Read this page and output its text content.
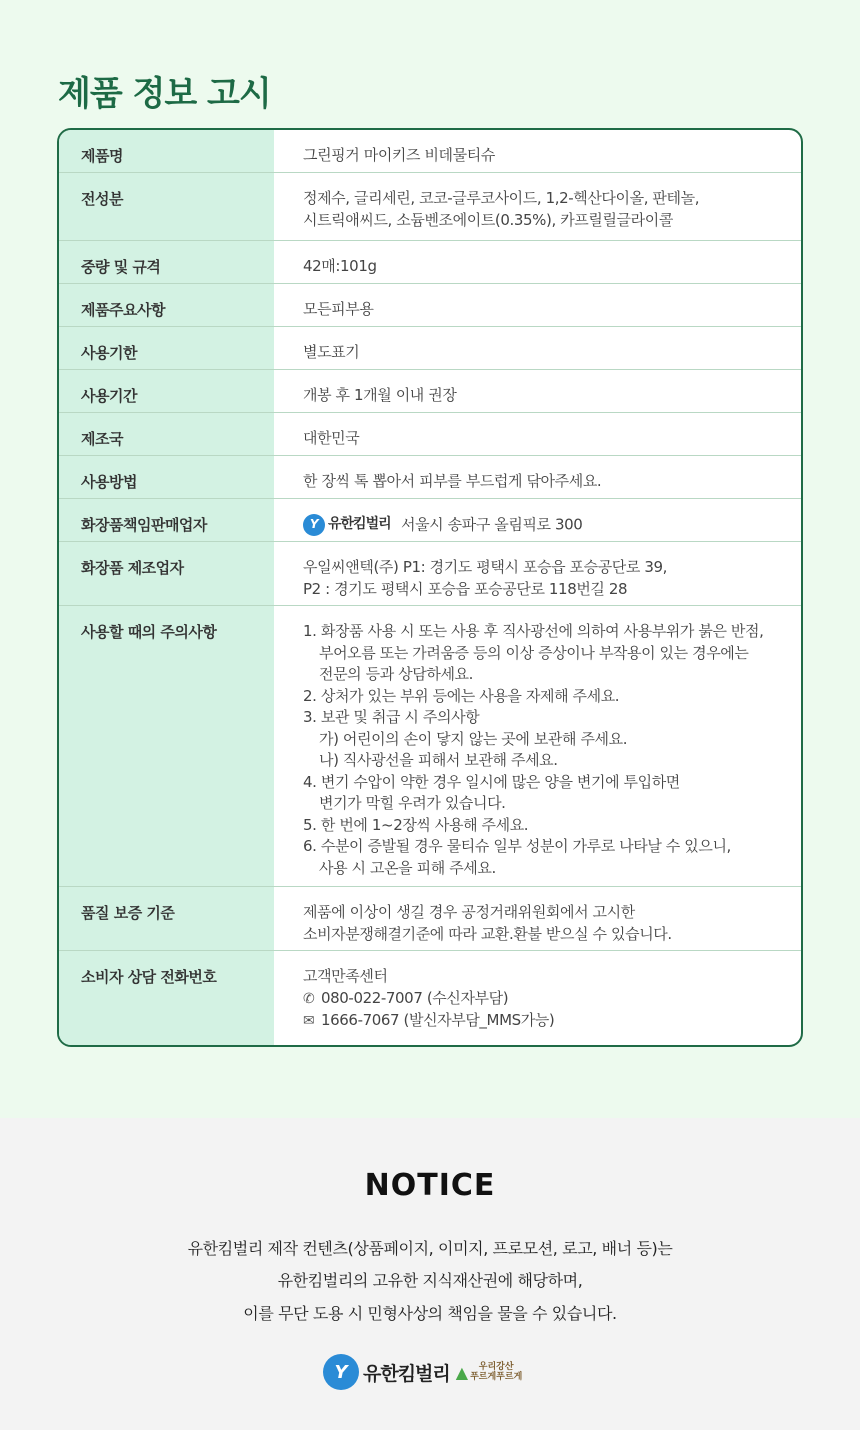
제품 정보 고시
제품명	그린핑거 마이키즈 비데물티슈
전성분	정제수, 글리세린, 코코-글루코사이드, 1,2-헥산다이올, 판테놀,
시트릭애씨드, 소듐벤조에이트(0.35%), 카프릴릴글라이콜
중량 및 규격	42매:101g
제품주요사항	모든피부용
사용기한	별도표기
사용기간	개봉 후 1개월 이내 권장
제조국	대한민국
사용방법	한 장씩 톡 뽑아서 피부를 부드럽게 닦아주세요.
화장품책임판매업자	Y 유한킴벌리 서울시 송파구 올림픽로 300
화장품 제조업자	우일씨앤텍(주) P1: 경기도 평택시 포승읍 포승공단로 39,
P2 : 경기도 평택시 포승읍 포승공단로 118번길 28
사용할 때의 주의사항	1. 화장품 사용 시 또는 사용 후 직사광선에 의하여 사용부위가 붉은 반점,
부어오름 또는 가려움증 등의 이상 증상이나 부작용이 있는 경우에는
전문의 등과 상담하세요.
2. 상처가 있는 부위 등에는 사용을 자제해 주세요.
3. 보관 및 취급 시 주의사항
가) 어린이의 손이 닿지 않는 곳에 보관해 주세요.
나) 직사광선을 피해서 보관해 주세요.
4. 변기 수압이 약한 경우 일시에 많은 양을 변기에 투입하면
변기가 막힐 우려가 있습니다.
5. 한 번에 1~2장씩 사용해 주세요.
6. 수분이 증발될 경우 물티슈 일부 성분이 가루로 나타날 수 있으니,
사용 시 고온을 피해 주세요.
품질 보증 기준	제품에 이상이 생길 경우 공정거래위원회에서 고시한
소비자분쟁해결기준에 따라 교환.환불 받으실 수 있습니다.
소비자 상담 전화번호	고객만족센터
✆ 080-022-7007 (수신자부담)
✉ 1666-7067 (발신자부담_MMS가능)
NOTICE
유한킴벌리 제작 컨텐츠(상품페이지, 이미지, 프로모션, 로고, 배너 등)는
유한킴벌리의 고유한 지식재산권에 해당하며,
이를 무단 도용 시 민형사상의 책임을 물을 수 있습니다.
Y 유한킴벌리 ▲	우리강산
푸르게푸르게
